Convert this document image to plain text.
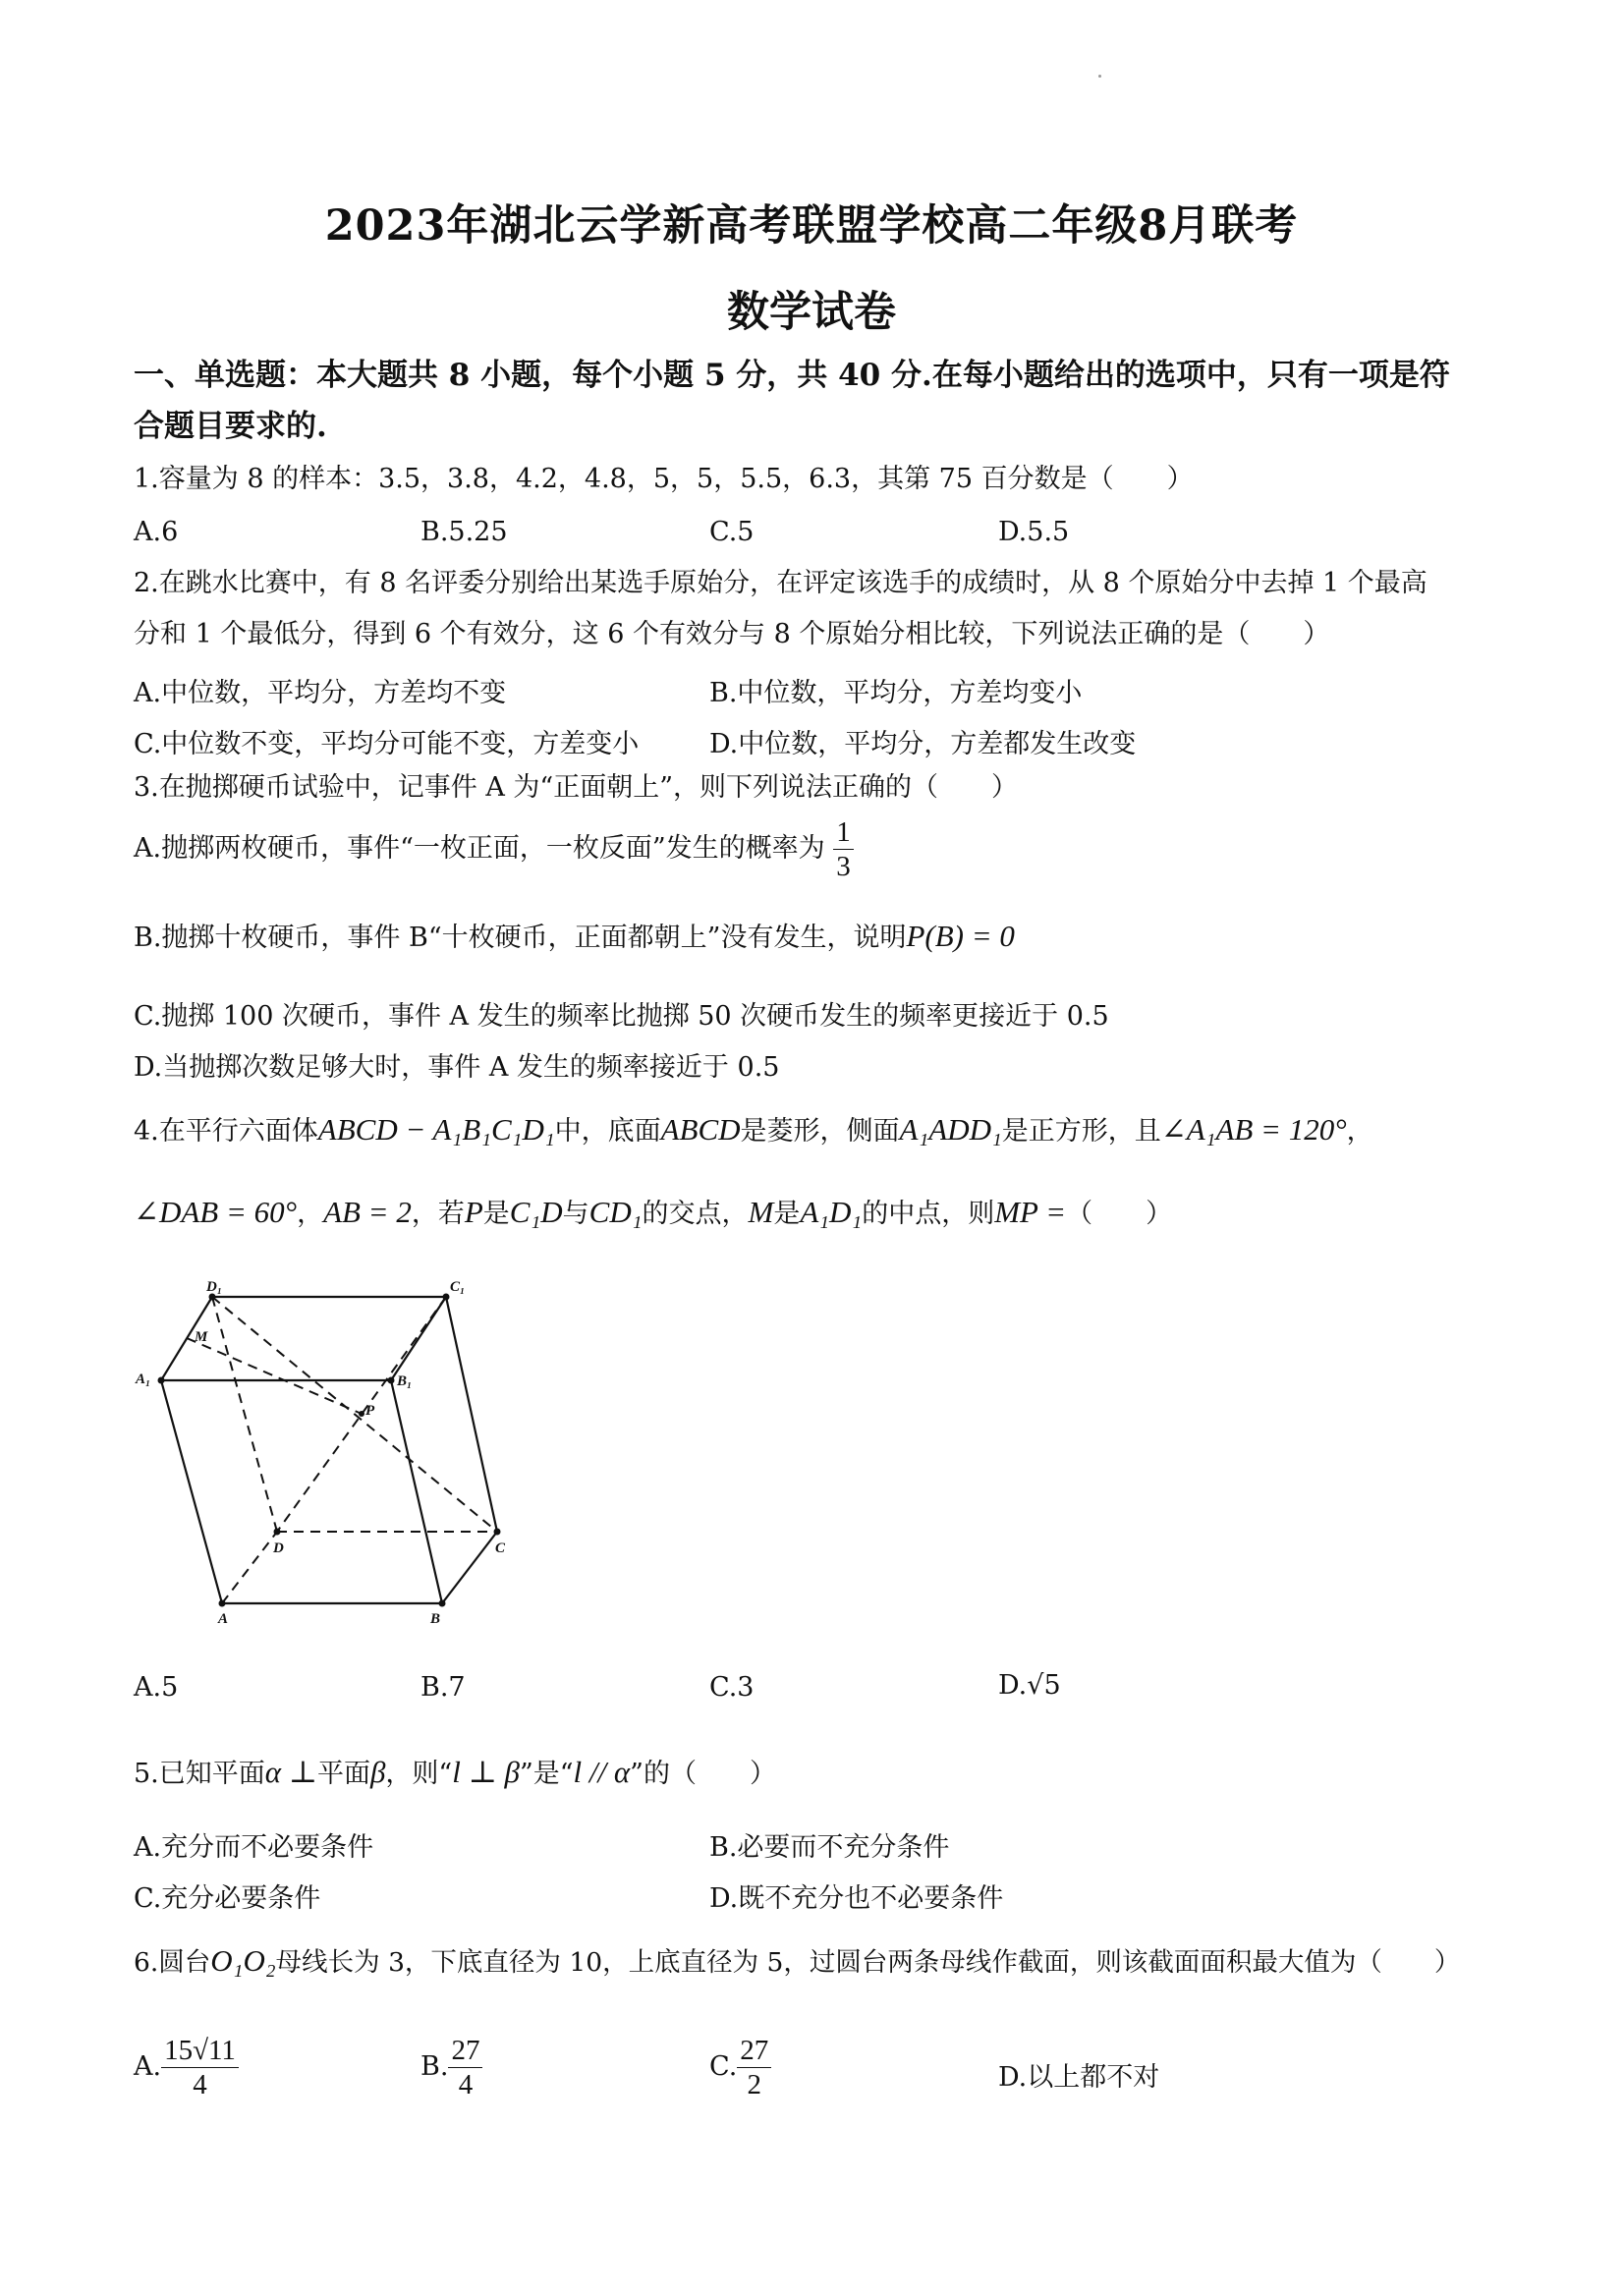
2023年湖北云学新高考联盟学校高二年级8月联考
数学试卷
一、单选题：本大题共 8 小题，每个小题 5 分，共 40 分.在每小题给出的选项中，只有一项是符
合题目要求的.
1.容量为 8 的样本：3.5，3.8，4.2，4.8，5，5，5.5，6.3，其第 75 百分数是（　　）
A.6	B.5.25	C.5	D.5.5
2.在跳水比赛中，有 8 名评委分别给出某选手原始分，在评定该选手的成绩时，从 8 个原始分中去掉 1 个最高
分和 1 个最低分，得到 6 个有效分，这 6 个有效分与 8 个原始分相比较，下列说法正确的是（　　）
A.中位数，平均分，方差均不变	B.中位数，平均分，方差均变小
C.中位数不变，平均分可能不变，方差变小	D.中位数，平均分，方差都发生改变
3.在抛掷硬币试验中，记事件 A 为“正面朝上”，则下列说法正确的（　　）
A.抛掷两枚硬币，事件“一枚正面，一枚反面”发生的概率为 $\frac{1}{3}$
B.抛掷十枚硬币，事件 B“十枚硬币，正面都朝上”没有发生，说明P(B) = 0
C.抛掷 100 次硬币，事件 A 发生的频率比抛掷 50 次硬币发生的频率更接近于 0.5
D.当抛掷次数足够大时，事件 A 发生的频率接近于 0.5
4.在平行六面体ABCD − A₁B₁C₁D₁中，底面ABCD是菱形，侧面A₁ADD₁是正方形，且∠A₁AB = 120°，
∠DAB = 60°，AB = 2，若P是C₁D与CD₁的交点，M是A₁D₁的中点，则MP =（　　）
D₁	C₁
A₁	B₁
M
P
D	C
A	B
A.5	B.7	C.3	D.√5
5.已知平面α ⊥平面β，则“l ⊥ β”是“l // α”的（　　）
A.充分而不必要条件	B.必要而不充分条件
C.充分必要条件	D.既不充分也不必要条件
6.圆台O₁O₂母线长为 3，下底直径为 10，上底直径为 5，过圆台两条母线作截面，则该截面面积最大值为（　　）
A. $\frac{15√11}{4}$	B. $\frac{27}{4}$	C. $\frac{27}{2}$	D.以上都不对
